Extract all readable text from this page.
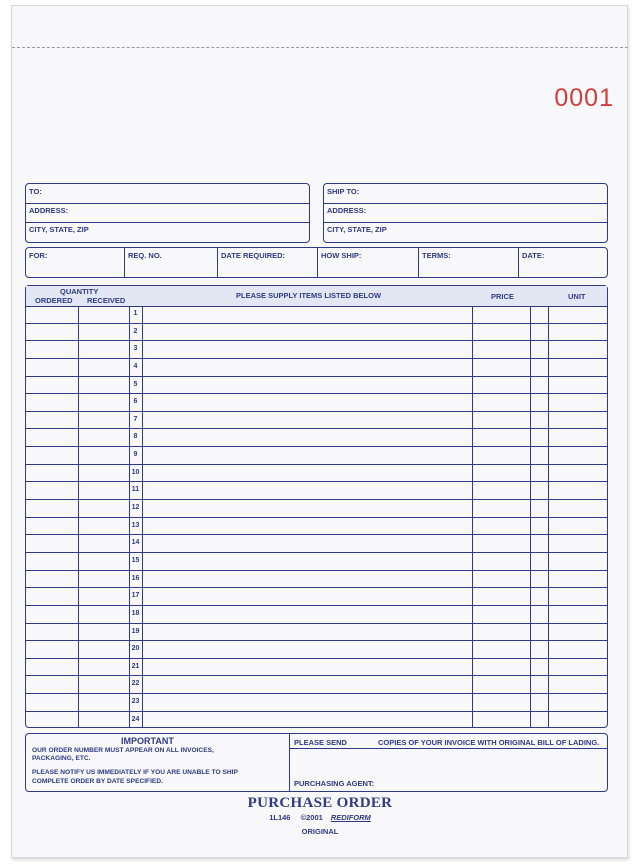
0001
TO:
ADDRESS:
CITY, STATE, ZIP
SHIP TO:
ADDRESS:
CITY, STATE, ZIP
FOR:	REQ. NO.	DATE REQUIRED:	HOW SHIP:	TERMS:	DATE:
QUANTITY
ORDERED RECEIVED
PLEASE SUPPLY ITEMS LISTED BELOW	PRICE	UNIT
1
2
3
4
5
6
7
8
9
10
11
12
13
14
15
16
17
18
19
20
21
22
23
24
IMPORTANT
OUR ORDER NUMBER MUST APPEAR ON ALL INVOICES,
PACKAGING, ETC.
PLEASE NOTIFY US IMMEDIATELY IF YOU ARE UNABLE TO SHIP
COMPLETE ORDER BY DATE SPECIFIED.
PLEASE SEND	COPIES OF YOUR INVOICE WITH ORIGINAL BILL OF LADING.
PURCHASING AGENT:
PURCHASE ORDER
1L146 ©2001 REDIFORM
ORIGINAL
